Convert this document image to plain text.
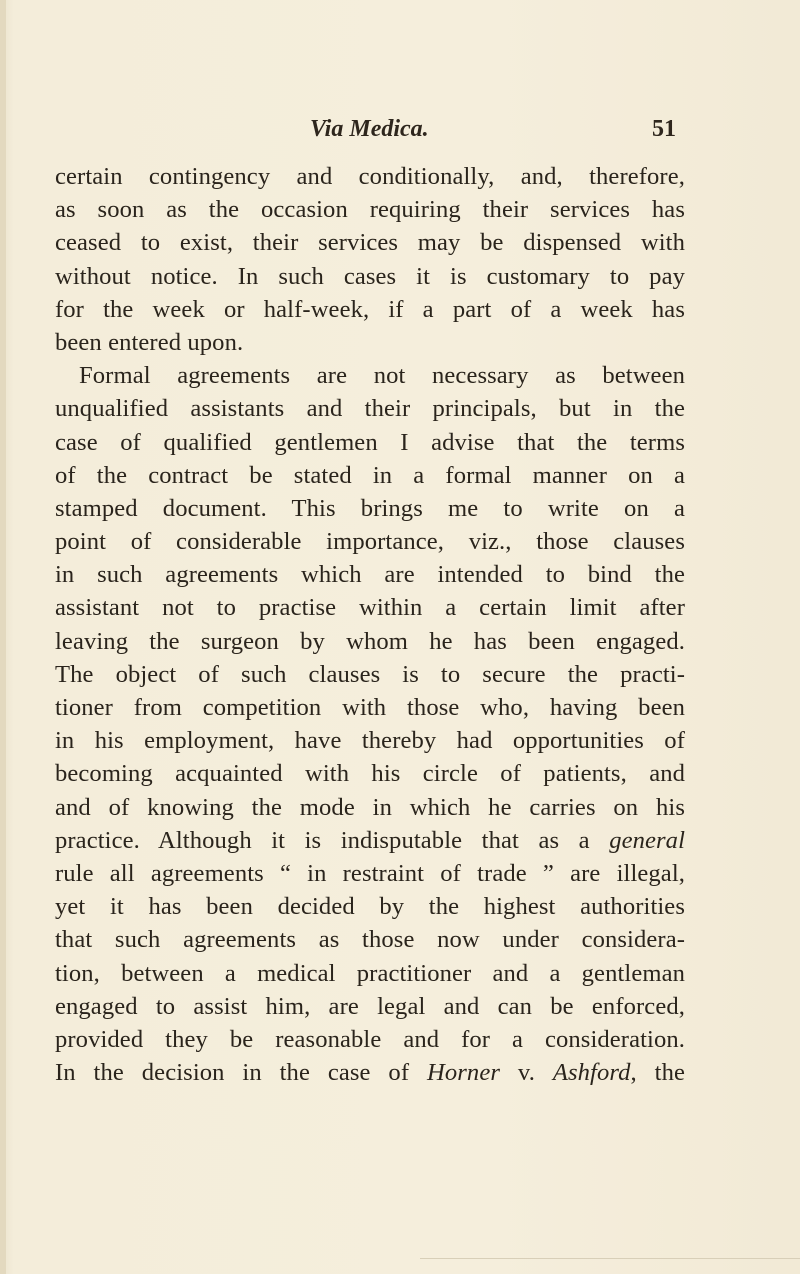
Via Medica.	51
certain contingency and conditionally, and, therefore,
as soon as the occasion requiring their services has
ceased to exist, their services may be dispensed with
without notice. In such cases it is customary to pay
for the week or half-week, if a part of a week has
been entered upon.
Formal agreements are not necessary as between
unqualified assistants and their principals, but in the
case of qualified gentlemen I advise that the terms
of the contract be stated in a formal manner on a
stamped document. This brings me to write on a
point of considerable importance, viz., those clauses
in such agreements which are intended to bind the
assistant not to practise within a certain limit after
leaving the surgeon by whom he has been engaged.
The object of such clauses is to secure the practi-
tioner from competition with those who, having been
in his employment, have thereby had opportunities of
becoming acquainted with his circle of patients, and
and of knowing the mode in which he carries on his
practice. Although it is indisputable that as a general
rule all agreements “ in restraint of trade ” are illegal,
yet it has been decided by the highest authorities
that such agreements as those now under considera-
tion, between a medical practitioner and a gentleman
engaged to assist him, are legal and can be enforced,
provided they be reasonable and for a consideration.
In the decision in the case of Horner v. Ashford, the
